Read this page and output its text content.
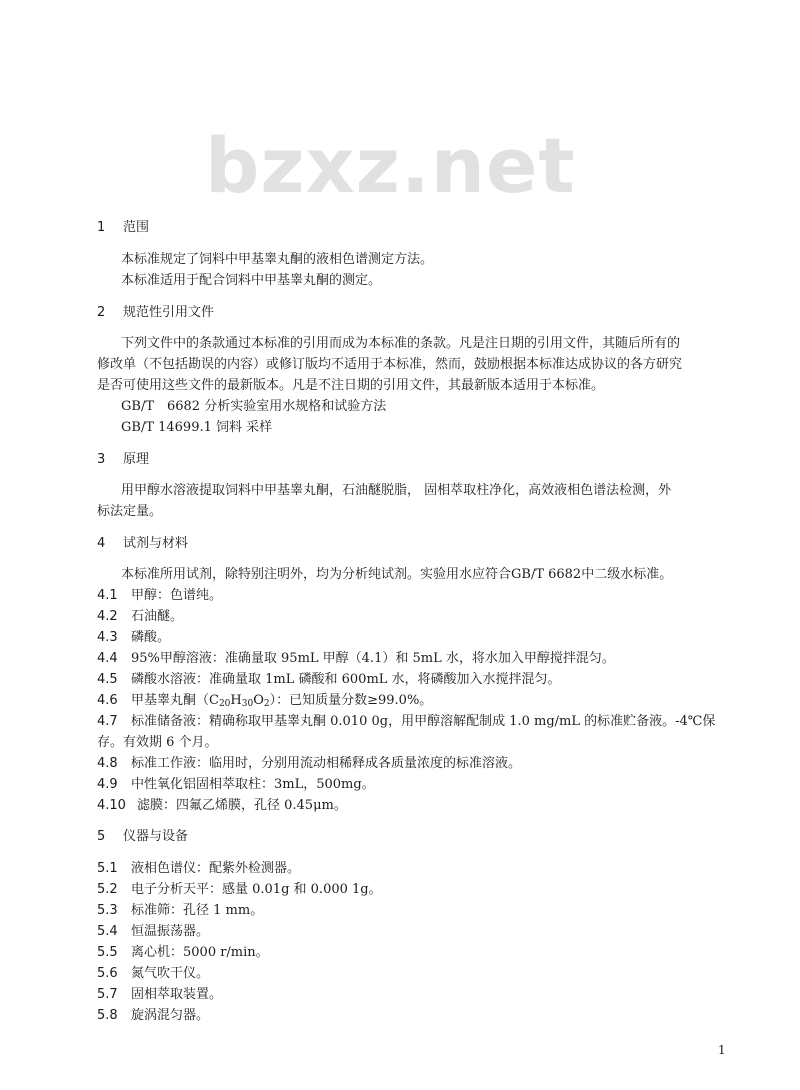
bzxz.net
1 范围
本标准规定了饲料中甲基睾丸酮的液相色谱测定方法。
本标准适用于配合饲料中甲基睾丸酮的测定。
2 规范性引用文件
下列文件中的条款通过本标准的引用而成为本标准的条款。凡是注日期的引用文件，其随后所有的
修改单（不包括勘误的内容）或修订版均不适用于本标准，然而，鼓励根据本标准达成协议的各方研究
是否可使用这些文件的最新版本。凡是不注日期的引用文件，其最新版本适用于本标准。
GB/T　6682 分析实验室用水规格和试验方法
GB/T 14699.1 饲料 采样
3 原理
用甲醇水溶液提取饲料中甲基睾丸酮，石油醚脱脂， 固相萃取柱净化，高效液相色谱法检测，外
标法定量。
4 试剂与材料
本标准所用试剂，除特别注明外，均为分析纯试剂。实验用水应符合GB/T 6682中二级水标准。
4.1 甲醇：色谱纯。
4.2 石油醚。
4.3 磷酸。
4.4 95%甲醇溶液：准确量取 95mL 甲醇（4.1）和 5mL 水，将水加入甲醇搅拌混匀。
4.5 磷酸水溶液：准确量取 1mL 磷酸和 600mL 水，将磷酸加入水搅拌混匀。
4.6 甲基睾丸酮$(C_{20}H_{30}O_2)$：已知质量分数≥99.0%。
4.7 标准储备液：精确称取甲基睾丸酮 0.010 0g，用甲醇溶解配制成 1.0 mg/mL 的标准贮备液。-4℃保
存。有效期 6 个月。
4.8 标准工作液：临用时，分别用流动相稀释成各质量浓度的标准溶液。
4.9 中性氧化铝固相萃取柱：3mL，500mg。
4.10 滤膜：四氟乙烯膜，孔径 0.45μm。
5 仪器与设备
5.1 液相色谱仪：配紫外检测器。
5.2 电子分析天平：感量 0.01g 和 0.000 1g。
5.3 标准筛：孔径 1 mm。
5.4 恒温振荡器。
5.5 离心机：5000 r/min。
5.6 氮气吹干仪。
5.7 固相萃取装置。
5.8 旋涡混匀器。
1
